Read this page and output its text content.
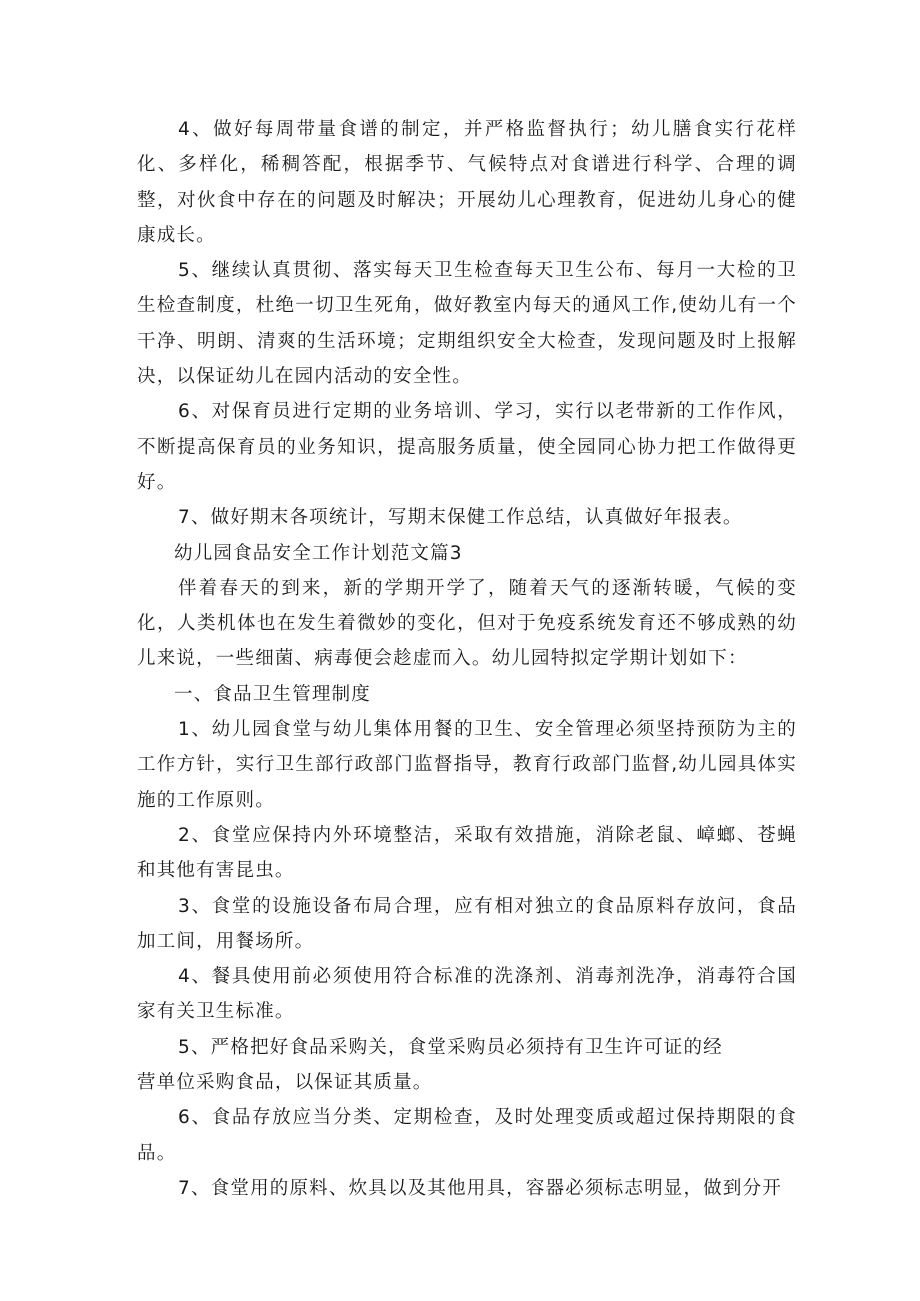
4、做好每周带量食谱的制定，并严格监督执行；幼儿膳食实行花样化、多样化，稀稠答配，根据季节、气候特点对食谱进行科学、合理的调整，对伙食中存在的问题及时解决；开展幼儿心理教育，促进幼儿身心的健康成长。

5、继续认真贯彻、落实每天卫生检查每天卫生公布、每月一大检的卫生检查制度，杜绝一切卫生死角，做好教室内每天的通风工作,使幼儿有一个干净、明朗、清爽的生活环境；定期组织安全大检查，发现问题及时上报解决，以保证幼儿在园内活动的安全性。

6、对保育员进行定期的业务培训、学习，实行以老带新的工作作风，不断提高保育员的业务知识，提高服务质量，使全园同心协力把工作做得更好。

7、做好期末各项统计，写期末保健工作总结，认真做好年报表。

幼儿园食品安全工作计划范文篇3

伴着春天的到来，新的学期开学了，随着天气的逐渐转暖，气候的变化，人类机体也在发生着微妙的变化，但对于免疫系统发育还不够成熟的幼儿来说，一些细菌、病毒便会趁虚而入。幼儿园特拟定学期计划如下：

一、食品卫生管理制度

1、幼儿园食堂与幼儿集体用餐的卫生、安全管理必须坚持预防为主的工作方针，实行卫生部行政部门监督指导，教育行政部门监督,幼儿园具体实施的工作原则。

2、食堂应保持内外环境整洁，采取有效措施，消除老鼠、嶂螂、苍蝇和其他有害昆虫。

3、食堂的设施设备布局合理，应有相对独立的食品原料存放问，食品加工间，用餐场所。

4、餐具使用前必须使用符合标准的洗涤剂、消毒剂洗净，消毒符合国家有关卫生标准。

5、严格把好食品采购关，食堂采购员必须持有卫生许可证的经
营单位采购食品，以保证其质量。

6、食品存放应当分类、定期检查，及时处理变质或超过保持期限的食品。

7、食堂用的原料、炊具以及其他用具，容器必须标志明显，做到分开
